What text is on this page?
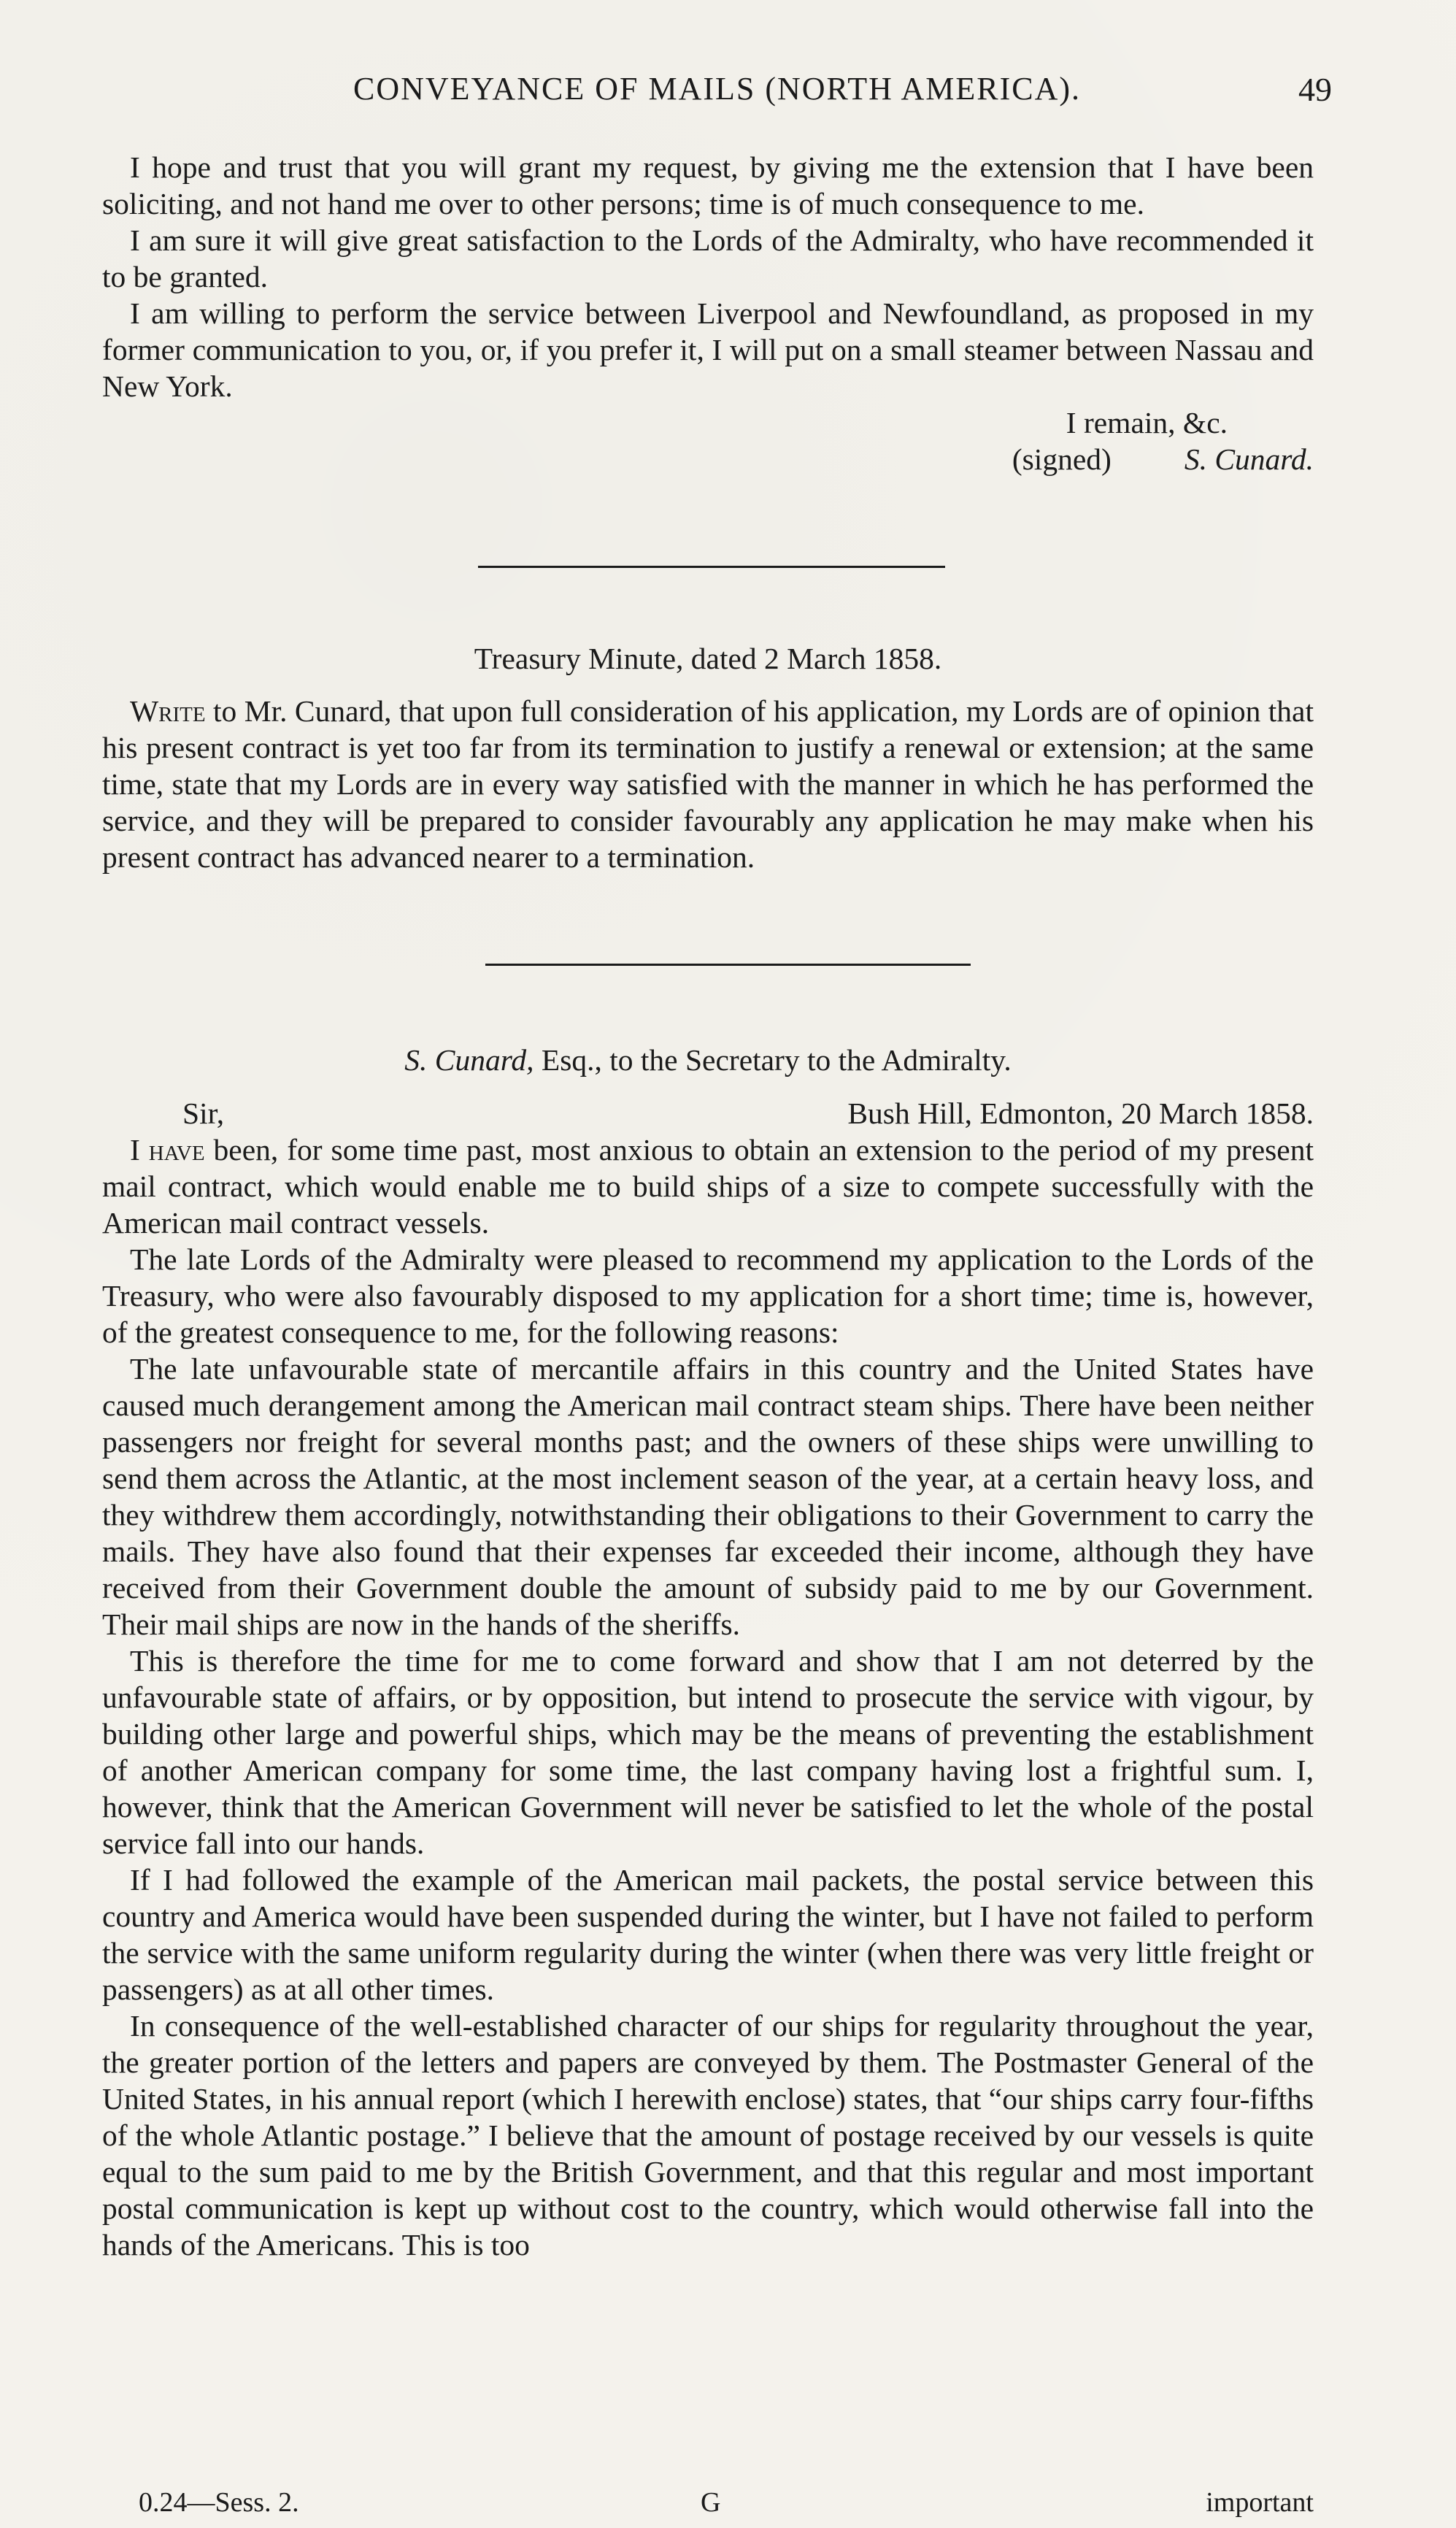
CONVEYANCE OF MAILS (NORTH AMERICA).	49

I hope and trust that you will grant my request, by giving me the extension that I have been soliciting, and not hand me over to other persons; time is of much consequence to me.

I am sure it will give great satisfaction to the Lords of the Admiralty, who have recommended it to be granted.

I am willing to perform the service between Liverpool and Newfoundland, as proposed in my former communication to you, or, if you prefer it, I will put on a small steamer between Nassau and New York.

I remain, &c.

(signed) S. Cunard.

Treasury Minute, dated 2 March 1858.

Write to Mr. Cunard, that upon full consideration of his application, my Lords are of opinion that his present contract is yet too far from its termination to justify a renewal or extension; at the same time, state that my Lords are in every way satisfied with the manner in which he has performed the service, and they will be prepared to consider favourably any application he may make when his present contract has advanced nearer to a termination.

S. Cunard, Esq., to the Secretary to the Admiralty.

Sir,	Bush Hill, Edmonton, 20 March 1858.

I have been, for some time past, most anxious to obtain an extension to the period of my present mail contract, which would enable me to build ships of a size to compete successfully with the American mail contract vessels.

The late Lords of the Admiralty were pleased to recommend my application to the Lords of the Treasury, who were also favourably disposed to my application for a short time; time is, however, of the greatest consequence to me, for the following reasons:

The late unfavourable state of mercantile affairs in this country and the United States have caused much derangement among the American mail contract steam ships. There have been neither passengers nor freight for several months past; and the owners of these ships were unwilling to send them across the Atlantic, at the most inclement season of the year, at a certain heavy loss, and they withdrew them accordingly, notwithstanding their obligations to their Government to carry the mails. They have also found that their expenses far exceeded their income, although they have received from their Government double the amount of subsidy paid to me by our Government. Their mail ships are now in the hands of the sheriffs.

This is therefore the time for me to come forward and show that I am not deterred by the unfavourable state of affairs, or by opposition, but intend to prosecute the service with vigour, by building other large and powerful ships, which may be the means of preventing the establishment of another American company for some time, the last company having lost a frightful sum. I, however, think that the American Government will never be satisfied to let the whole of the postal service fall into our hands.

If I had followed the example of the American mail packets, the postal service between this country and America would have been suspended during the winter, but I have not failed to perform the service with the same uniform regularity during the winter (when there was very little freight or passengers) as at all other times.

In consequence of the well-established character of our ships for regularity throughout the year, the greater portion of the letters and papers are conveyed by them. The Postmaster General of the United States, in his annual report (which I herewith enclose) states, that “our ships carry four-fifths of the whole Atlantic postage.” I believe that the amount of postage received by our vessels is quite equal to the sum paid to me by the British Government, and that this regular and most important postal communication is kept up without cost to the country, which would otherwise fall into the hands of the Americans. This is too

0.24—Sess. 2.	G	important
